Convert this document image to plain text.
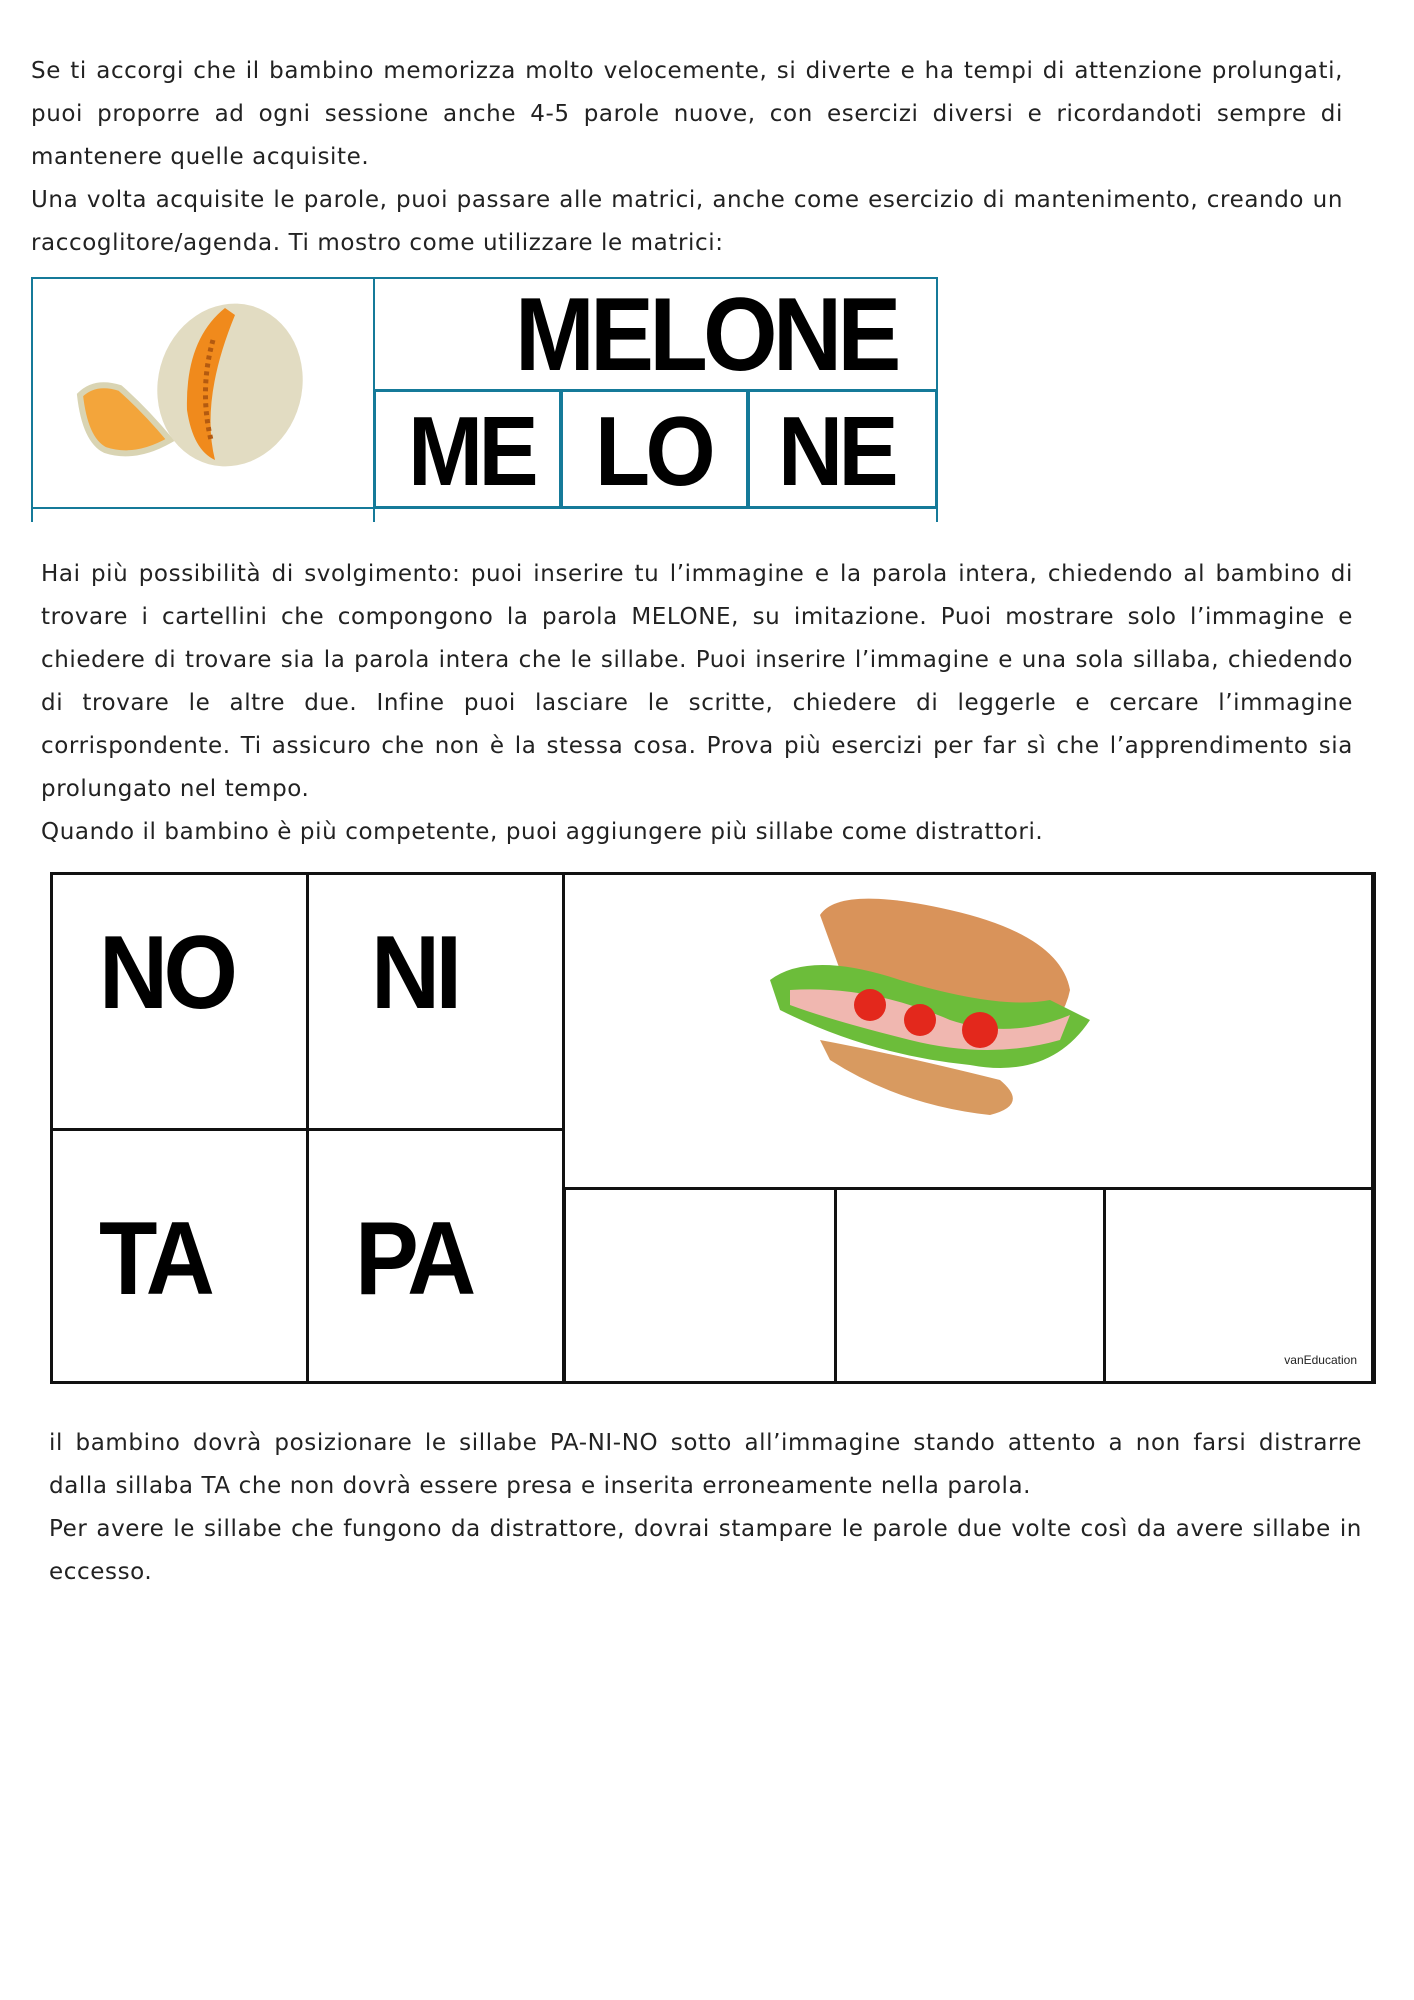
Se ti accorgi che il bambino memorizza molto velocemente, si diverte e ha tempi di attenzione prolungati, puoi proporre ad ogni sessione anche 4-5 parole nuove, con esercizi diversi e ricordandoti sempre di mantenere quelle acquisite.

Una volta acquisite le parole, puoi passare alle matrici, anche come esercizio di mantenimento, creando un raccoglitore/agenda. Ti mostro come utilizzare le matrici:

MELONE
ME LO NE

Hai più possibilità di svolgimento: puoi inserire tu l’immagine e la parola intera, chiedendo al bambino di trovare i cartellini che compongono la parola MELONE, su imitazione. Puoi mostrare solo l’immagine e chiedere di trovare sia la parola intera che le sillabe. Puoi inserire l’immagine e una sola sillaba, chiedendo di trovare le altre due. Infine puoi lasciare le scritte, chiedere di leggerle e cercare l’immagine corrispondente. Ti assicuro che non è la stessa cosa. Prova più esercizi per far sì che l’apprendimento sia prolungato nel tempo.

Quando il bambino è più competente, puoi aggiungere più sillabe come distrattori.

NO NI
TA PA
vanEducation

il bambino dovrà posizionare le sillabe PA-NI-NO sotto all’immagine stando attento a non farsi distrarre dalla sillaba TA che non dovrà essere presa e inserita erroneamente nella parola.

Per avere le sillabe che fungono da distrattore, dovrai stampare le parole due volte così da avere sillabe in eccesso.
